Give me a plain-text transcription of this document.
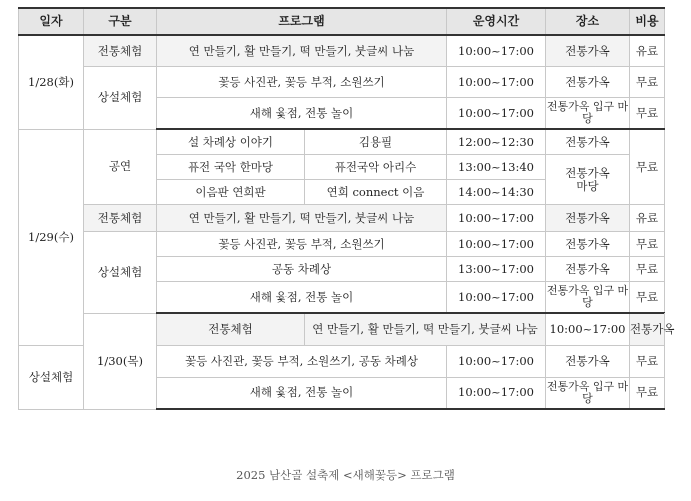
일자	구분	프로그램		운영시간	장소	비용	
1/28(화)	전통체험	연 만들기, 활 만들기, 떡 만들기, 붓글씨 나눔		10:00~17:00	전통가옥	유료	
	상설체험	꽃등 사진관, 꽃등 부적, 소원쓰기		10:00~17:00	전통가옥	무료	
		새해 윷점, 전통 놀이		10:00~17:00	전통가옥 입구 마당	무료	
1/29(수)	공연	설 차례상 이야기	김용필	12:00~12:30	전통가옥	무료	
		퓨전 국악 한마당	퓨전국악 아리수	13:00~13:40	전통가옥 마당		
		이음판 연희판	연희 connect 이음	14:00~14:30			
	전통체험	연 만들기, 활 만들기, 떡 만들기, 붓글씨 나눔		10:00~17:00	전통가옥	유료	
	상설체험	꽃등 사진관, 꽃등 부적, 소원쓰기		10:00~17:00	전통가옥	무료	
		공동 차례상		13:00~17:00	전통가옥	무료	
		새해 윷점, 전통 놀이		10:00~17:00	전통가옥 입구 마당	무료	
	1/30(목)	전통체험	연 만들기, 활 만들기, 떡 만들기, 붓글씨 나눔		10:00~17:00	전통가옥	
상설체험		꽃등 사진관, 꽃등 부적, 소원쓰기, 공동 차례상		10:00~17:00	전통가옥	무료	
		새해 윷점, 전통 놀이		10:00~17:00	전통가옥 입구 마당	무료	
2025 남산골 설축제 <새해꽃등> 프로그램
